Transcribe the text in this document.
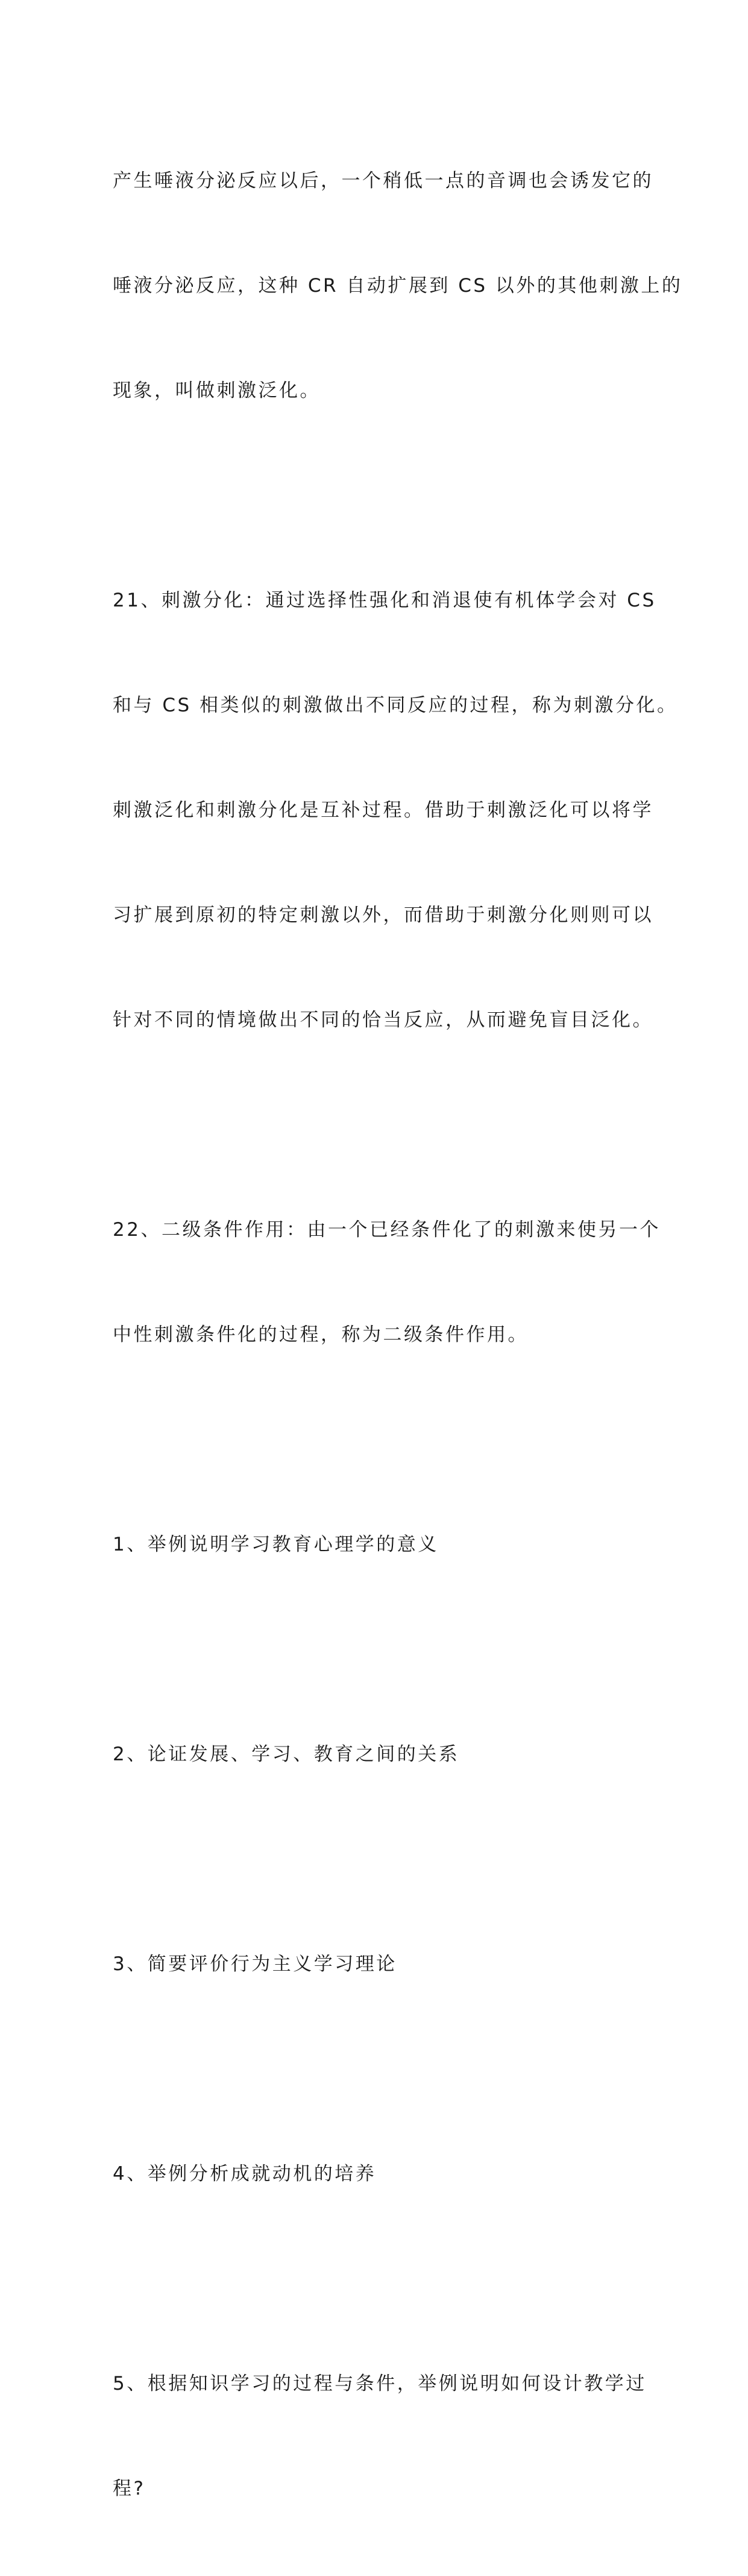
产生唾液分泌反应以后，一个稍低一点的音调也会诱发它的

唾液分泌反应，这种 CR 自动扩展到 CS 以外的其他刺激上的

现象，叫做刺激泛化。

21、刺激分化：通过选择性强化和消退使有机体学会对 CS

和与 CS 相类似的刺激做出不同反应的过程，称为刺激分化。

刺激泛化和刺激分化是互补过程。借助于刺激泛化可以将学

习扩展到原初的特定刺激以外，而借助于刺激分化则则可以

针对不同的情境做出不同的恰当反应，从而避免盲目泛化。

22、二级条件作用：由一个已经条件化了的刺激来使另一个

中性刺激条件化的过程，称为二级条件作用。

1、举例说明学习教育心理学的意义

2、论证发展、学习、教育之间的关系

3、简要评价行为主义学习理论

4、举例分析成就动机的培养

5、根据知识学习的过程与条件，举例说明如何设计教学过

程?
